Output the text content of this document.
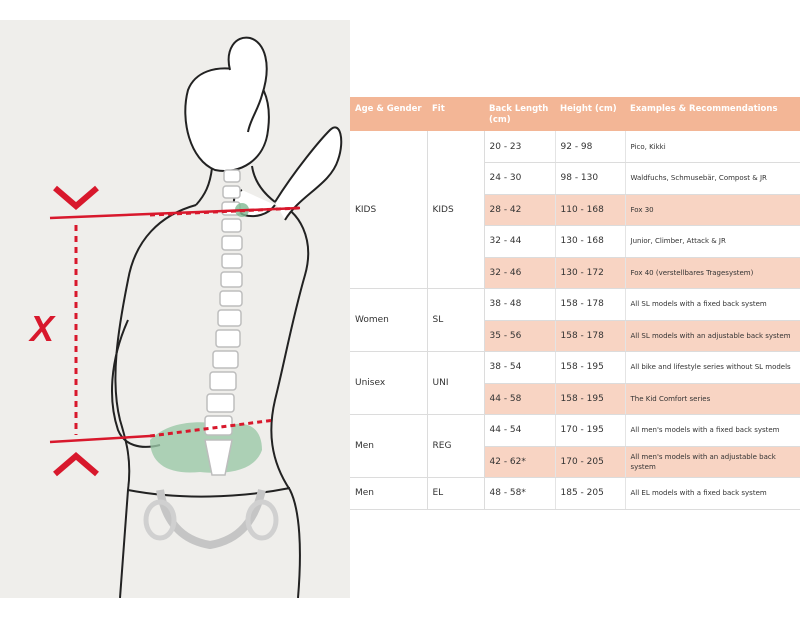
X
Age & Gender	Fit	Back Length (cm)	Height (cm)	Examples & Recommendations
KIDS	KIDS	20 - 23	92 - 98	Pico, Kikki
		24 - 30	98 - 130	Waldfuchs, Schmusebär, Compost & JR
		28 - 42	110 - 168	Fox 30
		32 - 44	130 - 168	Junior, Climber, Attack & JR
		32 - 46	130 - 172	Fox 40 (verstellbares Tragesystem)
Women	SL	38 - 48	158 - 178	All SL models with a fixed back system
		35 - 56	158 - 178	All SL models with an adjustable back system
Unisex	UNI	38 - 54	158 - 195	All bike and lifestyle series without SL models
		44 - 58	158 - 195	The Kid Comfort series
Men	REG	44 - 54	170 - 195	All men's models with a fixed back system
		42 - 62*	170 - 205	All men's models with an adjustable back system
Men	EL	48 - 58*	185 - 205	All EL models with a fixed back system
